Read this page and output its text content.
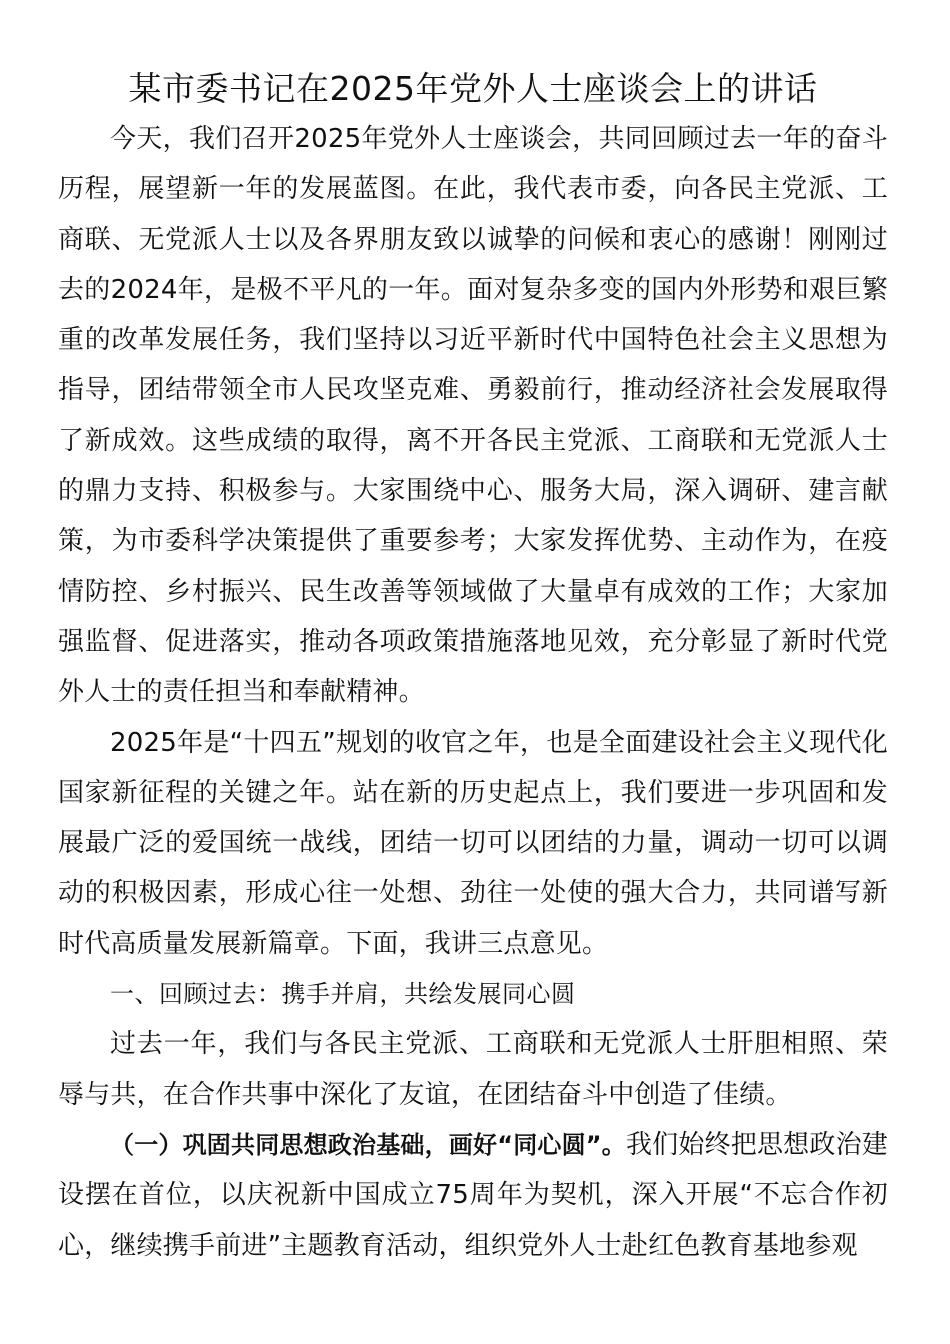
某市委书记在2025年党外人士座谈会上的讲话

今天，我们召开2025年党外人士座谈会，共同回顾过去一年的奋斗历程，展望新一年的发展蓝图。在此，我代表市委，向各民主党派、工商联、无党派人士以及各界朋友致以诚挚的问候和衷心的感谢！刚刚过去的2024年，是极不平凡的一年。面对复杂多变的国内外形势和艰巨繁重的改革发展任务，我们坚持以习近平新时代中国特色社会主义思想为指导，团结带领全市人民攻坚克难、勇毅前行，推动经济社会发展取得了新成效。这些成绩的取得，离不开各民主党派、工商联和无党派人士的鼎力支持、积极参与。大家围绕中心、服务大局，深入调研、建言献策，为市委科学决策提供了重要参考；大家发挥优势、主动作为，在疫情防控、乡村振兴、民生改善等领域做了大量卓有成效的工作；大家加强监督、促进落实，推动各项政策措施落地见效，充分彰显了新时代党外人士的责任担当和奉献精神。

2025年是“十四五”规划的收官之年，也是全面建设社会主义现代化国家新征程的关键之年。站在新的历史起点上，我们要进一步巩固和发展最广泛的爱国统一战线，团结一切可以团结的力量，调动一切可以调动的积极因素，形成心往一处想、劲往一处使的强大合力，共同谱写新时代高质量发展新篇章。下面，我讲三点意见。

一、回顾过去：携手并肩，共绘发展同心圆

过去一年，我们与各民主党派、工商联和无党派人士肝胆相照、荣辱与共，在合作共事中深化了友谊，在团结奋斗中创造了佳绩。

（一）巩固共同思想政治基础，画好“同心圆”。我们始终把思想政治建设摆在首位，以庆祝新中国成立75周年为契机，深入开展“不忘合作初心，继续携手前进”主题教育活动，组织党外人士赴红色教育基地参观
